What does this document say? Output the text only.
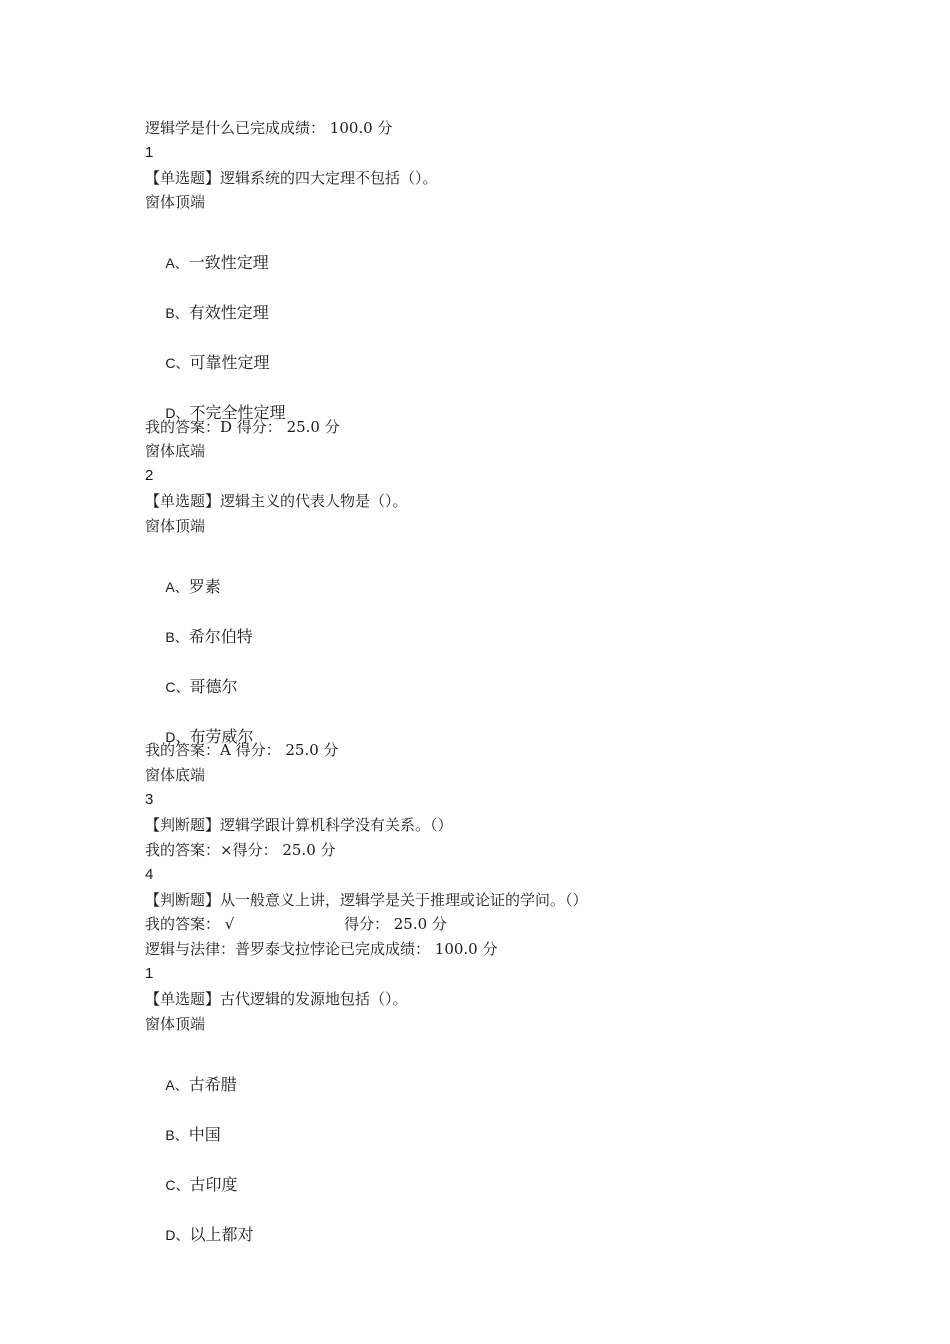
逻辑学是什么已完成成绩： 100.0 分
1
【单选题】逻辑系统的四大定理不包括（）。
窗体顶端

A、一致性定理

B、有效性定理

C、可靠性定理

D、不完全性定理

我的答案：D 得分： 25.0 分
窗体底端
2
【单选题】逻辑主义的代表人物是（）。
窗体顶端

A、罗素

B、希尔伯特

C、哥德尔

D、布劳威尔

我的答案：A 得分： 25.0 分
窗体底端
3
【判断题】逻辑学跟计算机科学没有关系。（）
我的答案：×得分： 25.0 分
4
【判断题】从一般意义上讲，逻辑学是关于推理或论证的学问。（）
我的答案： √                       得分： 25.0 分
逻辑与法律：普罗泰戈拉悖论已完成成绩： 100.0 分
1
【单选题】古代逻辑的发源地包括（）。
窗体顶端

A、古希腊

B、中国

C、古印度

D、以上都对
